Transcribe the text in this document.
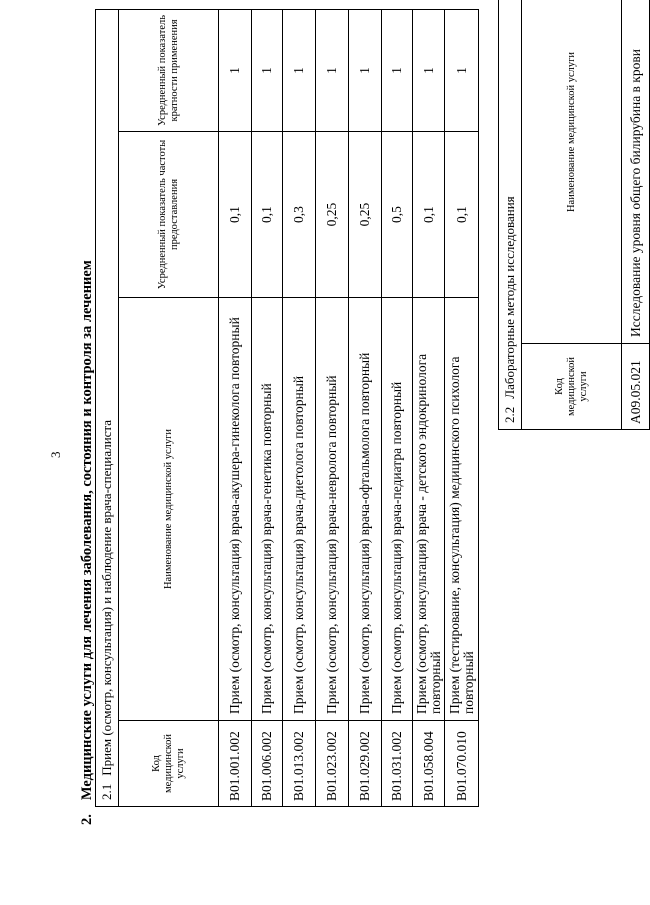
3
2.Медицинские услуги для лечения заболевания, состояния и контроля за лечением 2.1Прием (осмотр, консультация) и наблюдение врача-специалиста			
Код медицинской услуги	Наименование медицинской услуги	Усредненный показатель частоты предоставления	Усредненный показатель кратности применения
B01.001.002	Прием (осмотр, консультация) врача-акушера-гинеколога повторный	0,1	1
B01.006.002	Прием (осмотр, консультация) врача-генетика повторный	0,1	1
B01.013.002	Прием (осмотр, консультация) врача-диетолога повторный	0,3	1
B01.023.002	Прием (осмотр, консультация) врача-невролога повторный	0,25	1
B01.029.002	Прием (осмотр, консультация) врача-офтальмолога повторный	0,25	1
B01.031.002	Прием (осмотр, консультация) врача-педиатра повторный	0,5	1
B01.058.004	Прием (осмотр, консультация) врача - детского эндокринолога повторный	0,1	1
B01.070.010	Прием (тестирование, консультация) медицинского психолога повторный	0,1	1
2.2Лабораторные методы исследования			
Код медицинской услуги	Наименование медицинской услуги		
A09.05.021	Исследование уровня общего билирубина в крови		
